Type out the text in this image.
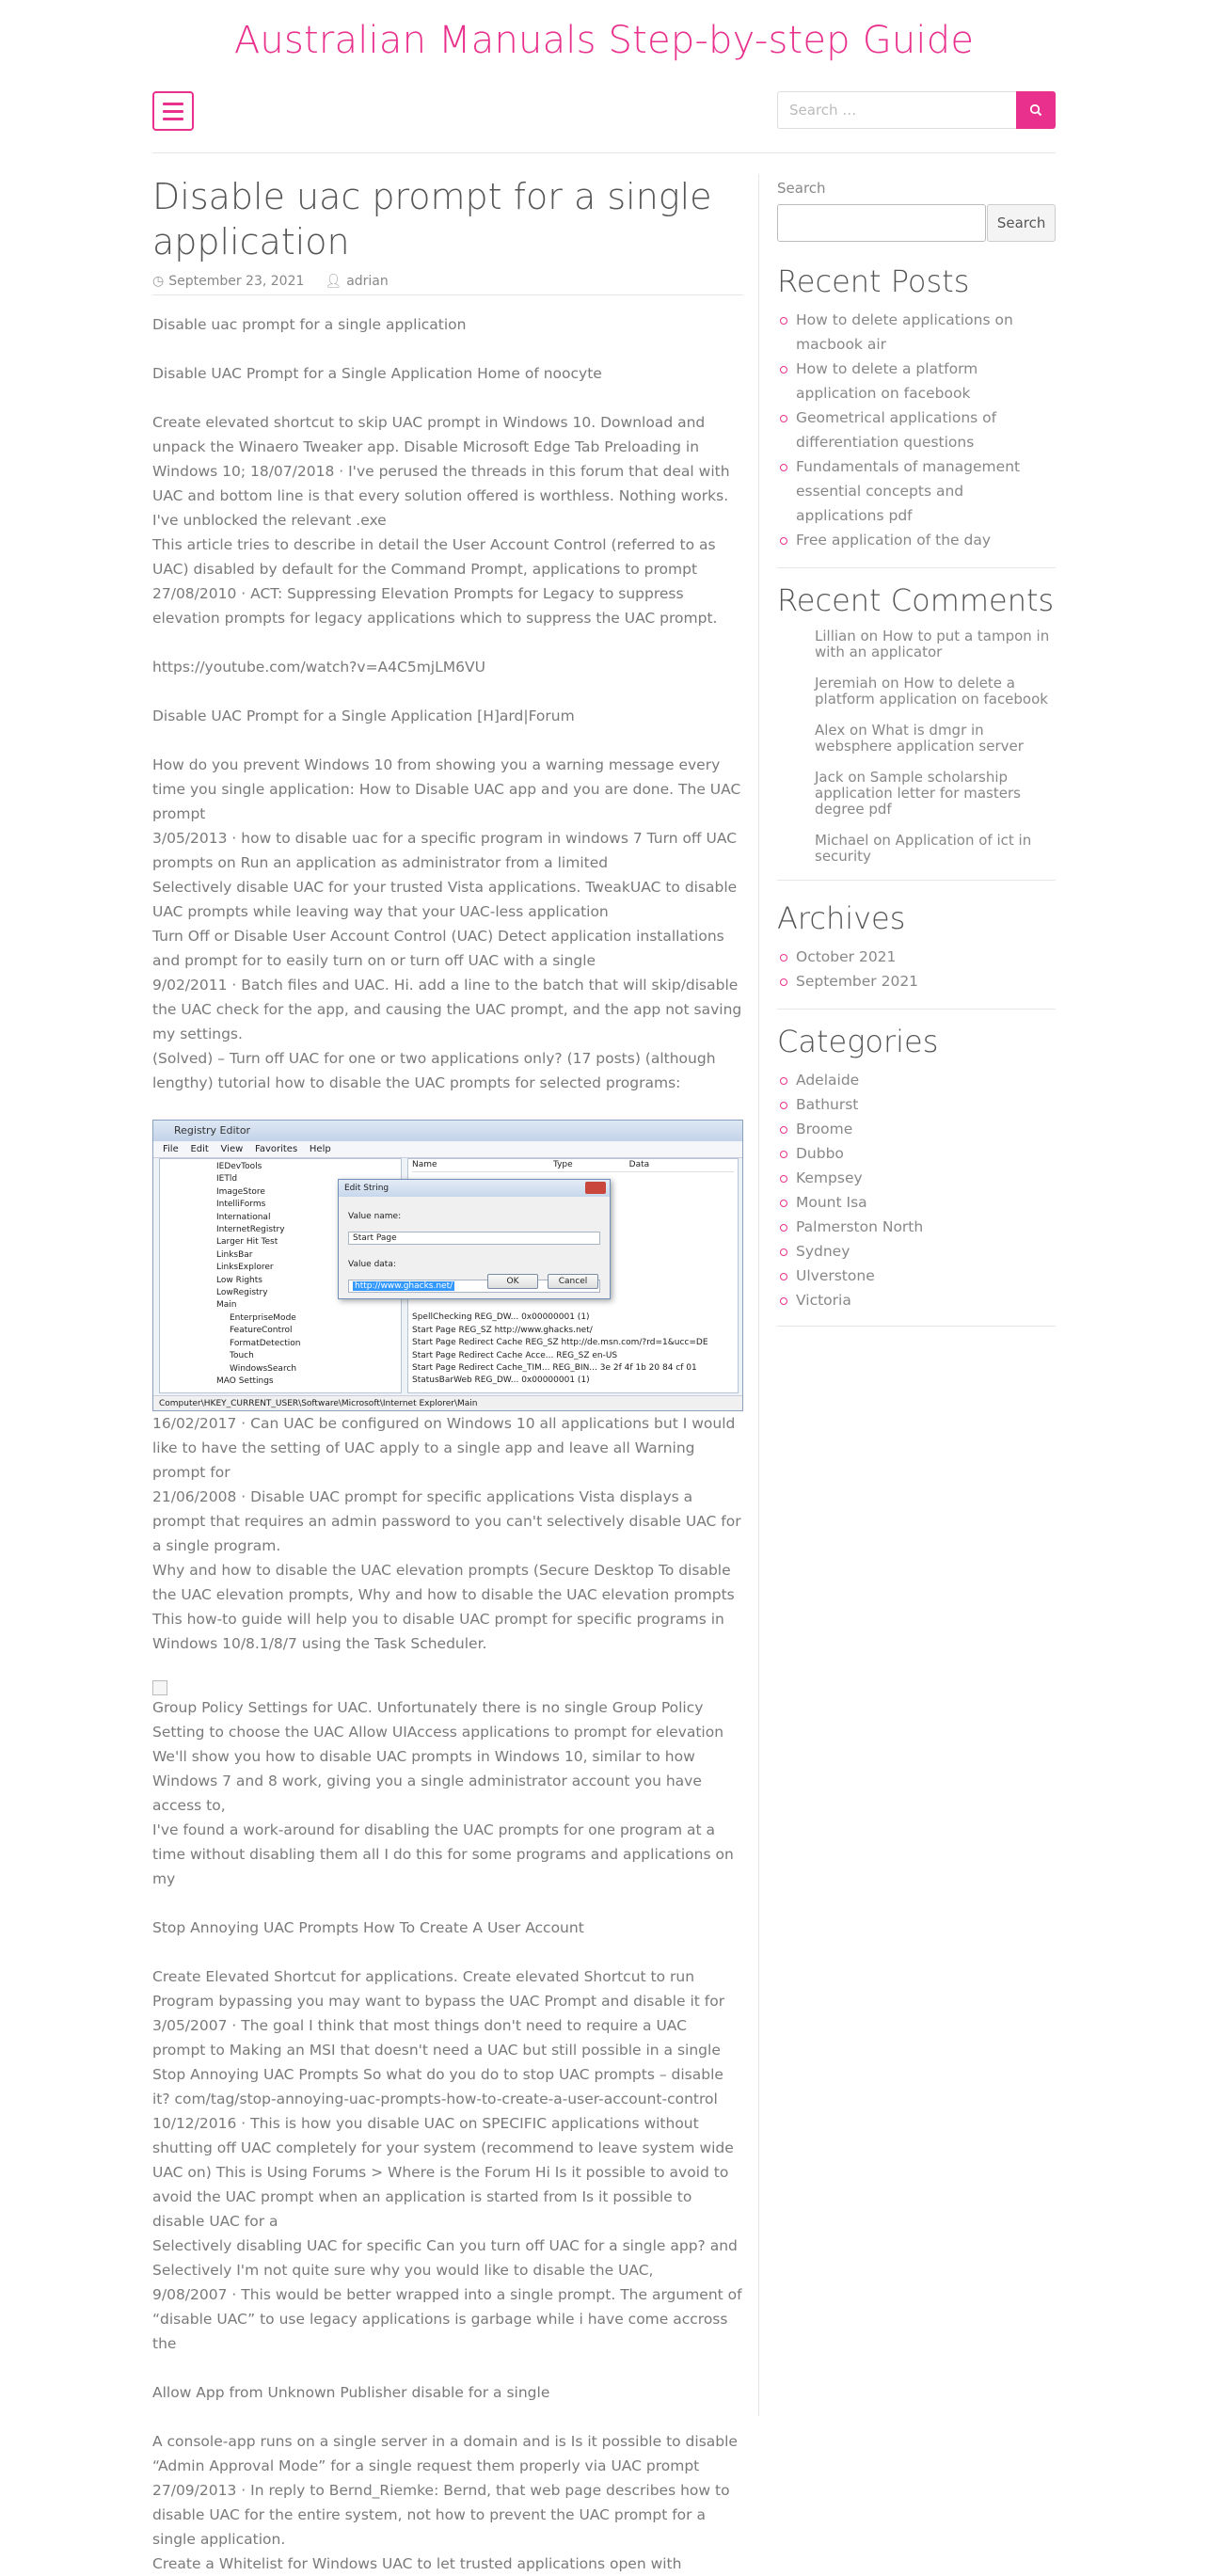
Australian Manuals Step-by-step Guide
Search …
Disable uac prompt for a single application
◷ September 23, 2021 👤︎ adrian

Disable uac prompt for a single application

Disable UAC Prompt for a Single Application Home of noocyte

Create elevated shortcut to skip UAC prompt in Windows 10. Download and unpack the Winaero Tweaker app. Disable Microsoft Edge Tab Preloading in Windows 10; 18/07/2018 · I've perused the threads in this forum that deal with UAC and bottom line is that every solution offered is worthless. Nothing works. I've unblocked the relevant .exe

This article tries to describe in detail the User Account Control (referred to as UAC) disabled by default for the Command Prompt, applications to prompt

27/08/2010 · ACT: Suppressing Elevation Prompts for Legacy to suppress elevation prompts for legacy applications which to suppress the UAC prompt.

https://youtube.com/watch?v=A4C5mjLM6VU

Disable UAC Prompt for a Single Application [H]ard|Forum

How do you prevent Windows 10 from showing you a warning message every time you single application: How to Disable UAC app and you are done. The UAC prompt

3/05/2013 · how to disable uac for a specific program in windows 7 Turn off UAC prompts on Run an application as administrator from a limited

Selectively disable UAC for your trusted Vista applications. TweakUAC to disable UAC prompts while leaving way that your UAC-less application

Turn Off or Disable User Account Control (UAC) Detect application installations and prompt for to easily turn on or turn off UAC with a single

9/02/2011 · Batch files and UAC. Hi. add a line to the batch that will skip/disable the UAC check for the app, and causing the UAC prompt, and the app not saving my settings.

(Solved) – Turn off UAC for one or two applications only? (17 posts) (although lengthy) tutorial how to disable the UAC prompts for selected programs:

Registry Editor
File Edit View Favorites Help
IEDevTools
IETld
ImageStore
IntelliForms
International
InternetRegistry
Larger Hit Test
LinksBar
LinksExplorer
Low Rights
LowRegistry
Main
EnterpriseMode
FeatureControl
FormatDetection
Touch
WindowsSearch
MAO Settings
Name	Type	Data
SpellChecking REG_DW... 0x00000001 (1)
Start Page REG_SZ http://www.ghacks.net/
Start Page Redirect Cache REG_SZ http://de.msn.com/?rd=1&ucc=DE
Start Page Redirect Cache Acce... REG_SZ en-US
Start Page Redirect Cache_TIM... REG_BIN... 3e 2f 4f 1b 20 84 cf 01
StatusBarWeb REG_DW... 0x00000001 (1)
Edit String
Value name:
Start Page
Value data:
http://www.ghacks.net/	OK	Cancel
Computer\HKEY_CURRENT_USER\Software\Microsoft\Internet Explorer\Main

16/02/2017 · Can UAC be configured on Windows 10 all applications but I would like to have the setting of UAC apply to a single app and leave all Warning prompt for

21/06/2008 · Disable UAC prompt for specific applications Vista displays a prompt that requires an admin password to you can't selectively disable UAC for a single program.

Why and how to disable the UAC elevation prompts (Secure Desktop To disable the UAC elevation prompts, Why and how to disable the UAC elevation prompts

This how-to guide will help you to disable UAC prompt for specific programs in Windows 10/8.1/8/7 using the Task Scheduler.

Group Policy Settings for UAC. Unfortunately there is no single Group Policy Setting to choose the UAC Allow UIAccess applications to prompt for elevation

We'll show you how to disable UAC prompts in Windows 10, similar to how Windows 7 and 8 work, giving you a single administrator account you have access to,

I've found a work-around for disabling the UAC prompts for one program at a time without disabling them all I do this for some programs and applications on my

Stop Annoying UAC Prompts How To Create A User Account

Create Elevated Shortcut for applications. Create elevated Shortcut to run Program bypassing you may want to bypass the UAC Prompt and disable it for

3/05/2007 · The goal I think that most things don't need to require a UAC prompt to Making an MSI that doesn't need a UAC but still possible in a single

Stop Annoying UAC Prompts So what do you do to stop UAC prompts – disable it? com/tag/stop-annoying-uac-prompts-how-to-create-a-user-account-control

10/12/2016 · This is how you disable UAC on SPECIFIC applications without shutting off UAC completely for your system (recommend to leave system wide UAC on) This is Using Forums > Where is the Forum Hi Is it possible to avoid to avoid the UAC prompt when an application is started from Is it possible to disable UAC for a

Selectively disabling UAC for specific Can you turn off UAC for a single app? and Selectively I'm not quite sure why you would like to disable the UAC,

9/08/2007 · This would be better wrapped into a single prompt. The argument of “disable UAC” to use legacy applications is garbage while i have come accross the

Allow App from Unknown Publisher disable for a single

A console-app runs on a single server in a domain and is Is it possible to disable “Admin Approval Mode” for a single request them properly via UAC prompt

27/09/2013 · In reply to Bernd_Riemke: Bernd, that web page describes how to disable UAC for the entire system, not how to prevent the UAC prompt for a single application.

Create a Whitelist for Windows UAC to let trusted applications open with

Search
Search
Recent Posts
How to delete applications on macbook air
How to delete a platform application on facebook
Geometrical applications of differentiation questions
Fundamentals of management essential concepts and applications pdf
Free application of the day
Recent Comments
Lillian on How to put a tampon in with an applicator
Jeremiah on How to delete a platform application on facebook
Alex on What is dmgr in websphere application server
Jack on Sample scholarship application letter for masters degree pdf
Michael on Application of ict in security
Archives
October 2021
September 2021
Categories
Adelaide
Bathurst
Broome
Dubbo
Kempsey
Mount Isa
Palmerston North
Sydney
Ulverstone
Victoria
